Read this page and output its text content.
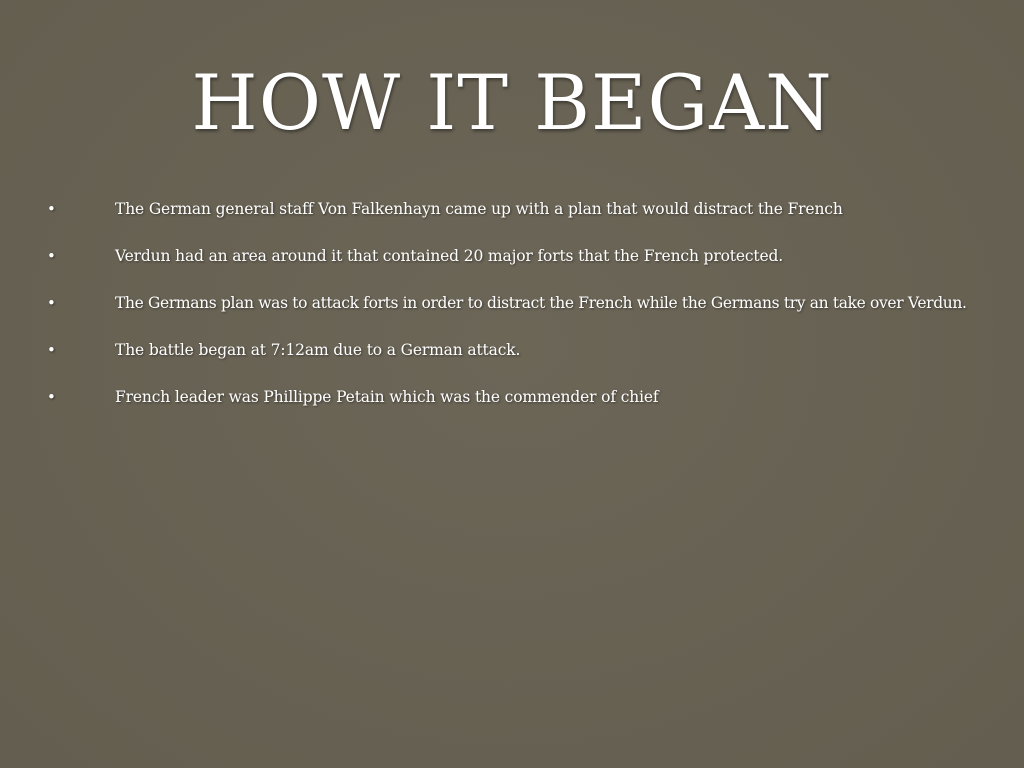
HOW IT BEGAN
•	The German general staff Von Falkenhayn came up with a plan that would distract the French
•	Verdun had an area around it that contained 20 major forts that the French protected.
•	The Germans plan was to attack forts in order to distract the French while the Germans try an take over Verdun.
•	The battle began at 7:12am due to a German attack.
•	French leader was Phillippe Petain which was the commender of chief
